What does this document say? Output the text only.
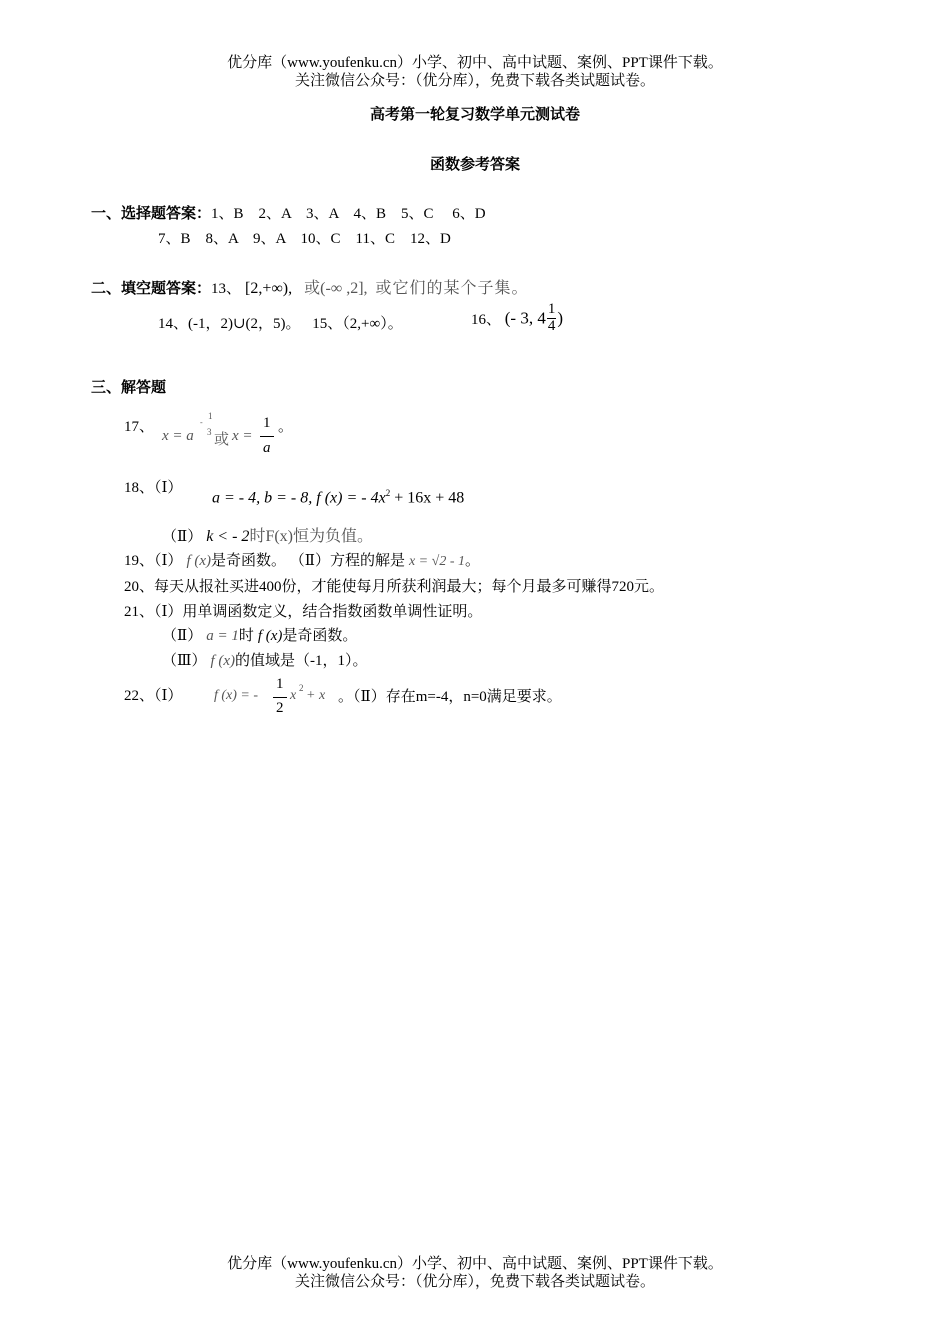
优分库（www.youfenku.cn）小学、初中、高中试题、案例、PPT课件下载。
关注微信公众号：（优分库），免费下载各类试题试卷。
高考第一轮复习数学单元测试卷
函数参考答案
一、选择题答案：1、B　2、A　3、A　4、B　5、C　 6、D
7、B　8、A　9、A　10、C　11、C　12、D
二、填空题答案：13、 [2,+∞), 或(-∞ ,2], 或它们的某个子集。
14、(-1，2)∪(2，5)。 15、（2,+∞）。	16、 (- 3, $4 \frac{1}{4}$ )
三、解答题
17、
x = a
-
1
3 或 x =
1
a
。
18、（Ⅰ）
a = - 4, b = - 8, f (x) = - $4x^2 + 16x + 48$
（Ⅱ） k < - 2时F(x)恒为负值。
19、（Ⅰ） f (x)是奇函数。 （Ⅱ）方程的解是 x = √2 - 1。
20、每天从报社买进400份，才能使每月所获利润最大；每个月最多可赚得720元。
21、（Ⅰ）用单调函数定义，结合指数函数单调性证明。
（Ⅱ） a = 1时 f (x)是奇函数。
（Ⅲ） f (x)的值域是（-1，1）。
22、（Ⅰ） f (x) = -
1
2
x 2 + x 。（Ⅱ）存在m=-4，n=0满足要求。
优分库（www.youfenku.cn）小学、初中、高中试题、案例、PPT课件下载。
关注微信公众号：（优分库），免费下载各类试题试卷。
